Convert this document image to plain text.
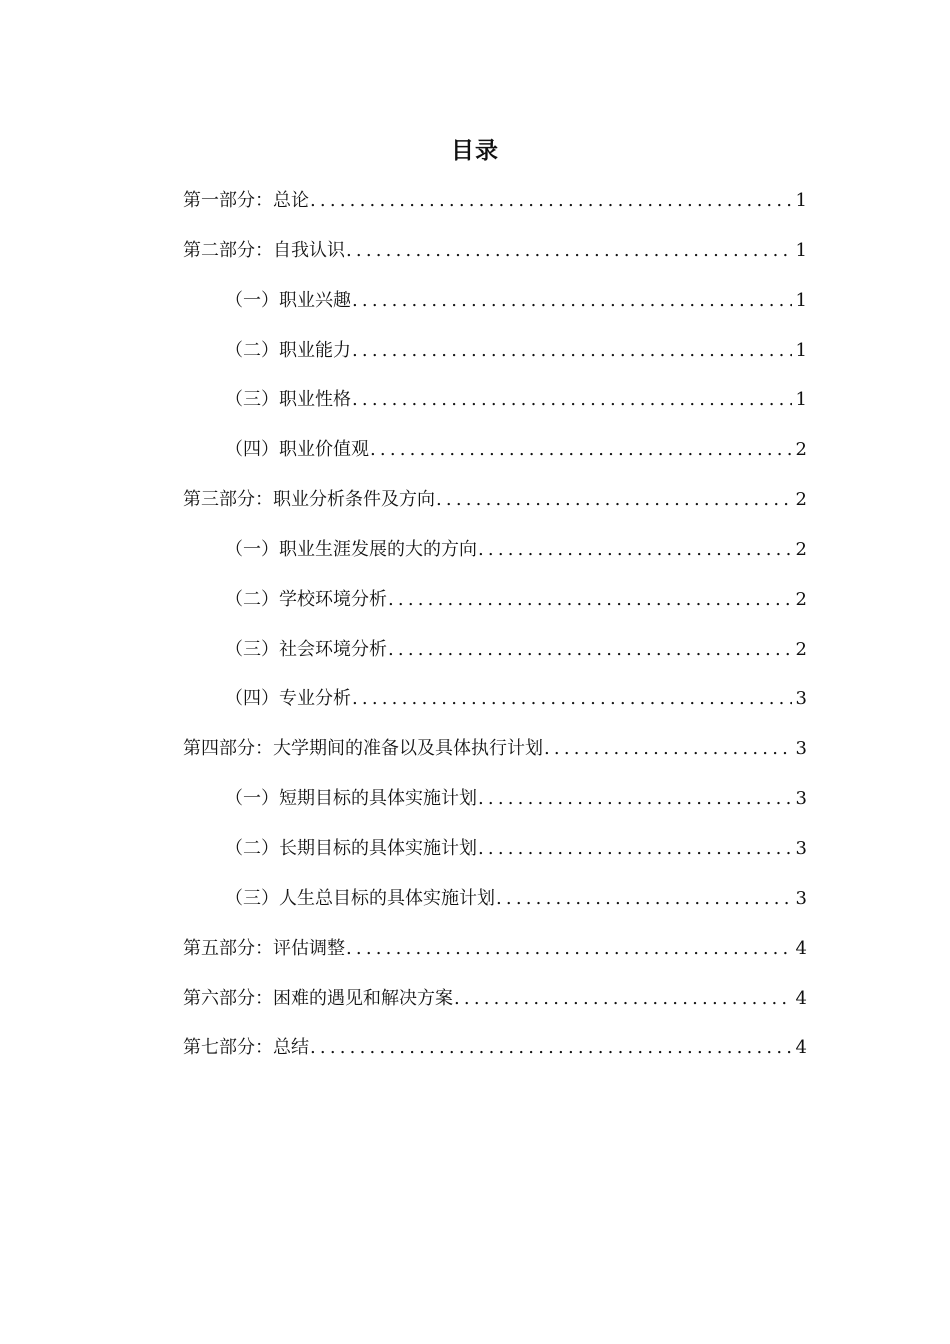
目录
第一部分：总论 .....	1
第二部分：自我认识 .....	1
（一）职业兴趣 .....	1
（二）职业能力 .....	1
（三）职业性格 .....	1
（四）职业价值观 .....	2
第三部分：职业分析条件及方向 .....	2
（一）职业生涯发展的大的方向 .....	2
（二）学校环境分析 .....	2
（三）社会环境分析 .....	2
（四）专业分析 .....	3
第四部分：大学期间的准备以及具体执行计划 .....	3
（一）短期目标的具体实施计划 .....	3
（二）长期目标的具体实施计划 .....	3
（三）人生总目标的具体实施计划 .....	3
第五部分：评估调整 .....	4
第六部分：困难的遇见和解决方案 .....	4
第七部分：总结 .....	4
